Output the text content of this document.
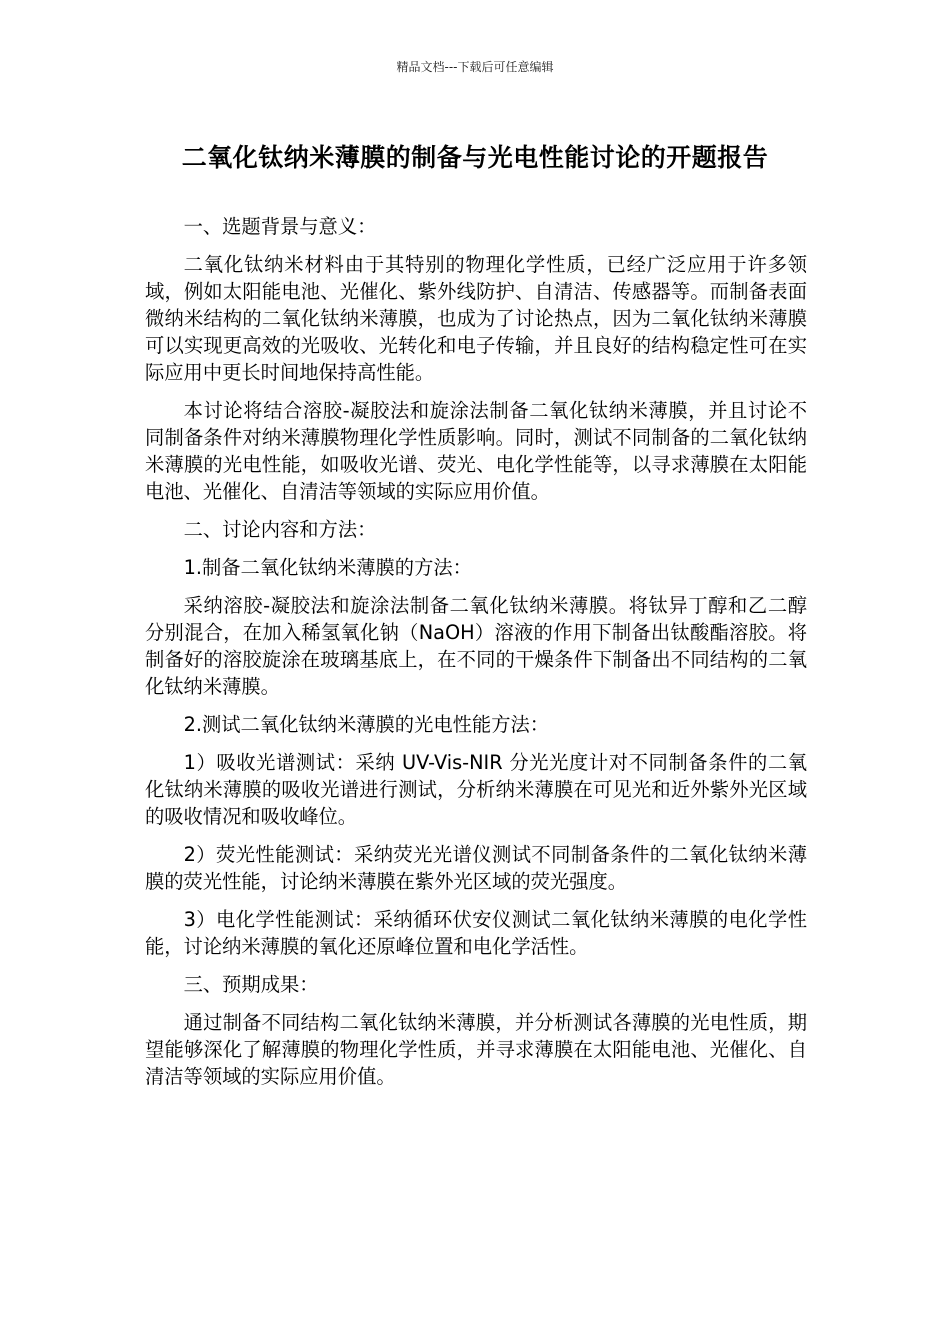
精品文档---下载后可任意编辑
二氧化钛纳米薄膜的制备与光电性能讨论的开题报告

一、选题背景与意义：

二氧化钛纳米材料由于其特别的物理化学性质，已经广泛应用于许多领域，例如太阳能电池、光催化、紫外线防护、自清洁、传感器等。而制备表面微纳米结构的二氧化钛纳米薄膜，也成为了讨论热点，因为二氧化钛纳米薄膜可以实现更高效的光吸收、光转化和电子传输，并且良好的结构稳定性可在实际应用中更长时间地保持高性能。

本讨论将结合溶胶-凝胶法和旋涂法制备二氧化钛纳米薄膜，并且讨论不同制备条件对纳米薄膜物理化学性质影响。同时，测试不同制备的二氧化钛纳米薄膜的光电性能，如吸收光谱、荧光、电化学性能等，以寻求薄膜在太阳能电池、光催化、自清洁等领域的实际应用价值。

二、讨论内容和方法：

1.制备二氧化钛纳米薄膜的方法：

采纳溶胶-凝胶法和旋涂法制备二氧化钛纳米薄膜。将钛异丁醇和乙二醇分别混合，在加入稀氢氧化钠（NaOH）溶液的作用下制备出钛酸酯溶胶。将制备好的溶胶旋涂在玻璃基底上，在不同的干燥条件下制备出不同结构的二氧化钛纳米薄膜。

2.测试二氧化钛纳米薄膜的光电性能方法：

1）吸收光谱测试：采纳 UV-Vis-NIR 分光光度计对不同制备条件的二氧化钛纳米薄膜的吸收光谱进行测试，分析纳米薄膜在可见光和近外紫外光区域的吸收情况和吸收峰位。

2）荧光性能测试：采纳荧光光谱仪测试不同制备条件的二氧化钛纳米薄膜的荧光性能，讨论纳米薄膜在紫外光区域的荧光强度。

3）电化学性能测试：采纳循环伏安仪测试二氧化钛纳米薄膜的电化学性能，讨论纳米薄膜的氧化还原峰位置和电化学活性。

三、预期成果：

通过制备不同结构二氧化钛纳米薄膜，并分析测试各薄膜的光电性质，期望能够深化了解薄膜的物理化学性质，并寻求薄膜在太阳能电池、光催化、自清洁等领域的实际应用价值。
